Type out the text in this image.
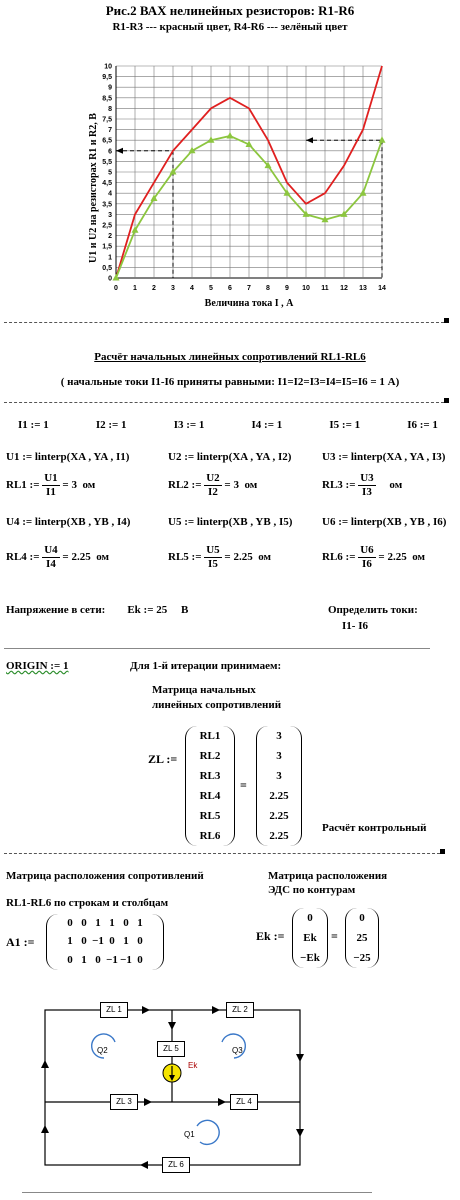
Рис.2 ВАХ нелинейных резисторов: R1-R6
R1-R3 --- красный цвет, R4-R6 --- зелёный цвет
0
0,5
1
1,5
2
2,5
3
3,5
4
4,5
5
5,5
6
6,5
7
7,5
8
8,5
9
9,5
10
0 1 2 3 4 5 6 7 8 9 10 11 12 13 14
U1 и U2 на резисторах R1 и R2, В
Величина тока I , А
Расчёт начальных линейных сопротивлений RL1-RL6
( начальные токи I1-I6 приняты равными: I1=I2=I3=I4=I5=I6 = 1 А)
I1 := 1	I2 := 1	I3 := 1	I4 := 1	I5 := 1	I6 := 1
U1 := linterp(XA , YA , I1)	U2 := linterp(XA , YA , I2)	U3 := linterp(XA , YA , I3)
RL1 := $\frac{U1}{I1} = 3$ ом	RL2 := $\frac{U2}{I2} = 3$ ом	RL3 := $\frac{U3}{I3}$ ом
U4 := linterp(XB , YB , I4)	U5 := linterp(XB , YB , I5)	U6 := linterp(XB , YB , I6)
RL4 := $\frac{U4}{I4} = 2.25$ ом	RL5 := $\frac{U5}{I5} = 2.25$ ом	RL6 := $\frac{U6}{I6} = 2.25$ ом
Напряжение в сети: Ek := 25 В	Определить токи:
I1- I6
ORIGIN := 1	Для 1-й итерации принимаем:
Матрица начальных
линейных сопротивлений
ZL :=
RL1
RL2
RL3
RL4
RL5
RL6
=
3
3
3
2.25
2.25
2.25
Расчёт контрольный
Матрица расположения сопротивлений
RL1-RL6 по строкам и столбцам
A1 :=
0 0 1 1 0 1
1 0 −1 0 1 0
0 1 0 −1 −1 0
Матрица расположения
ЭДС по контурам
Ek :=
0
Ek
−Ek
=
0
25
−25
Ek
Q2	Q3
Q1
ZL 1	ZL 2
ZL 5
ZL 3	ZL 4
ZL 6
